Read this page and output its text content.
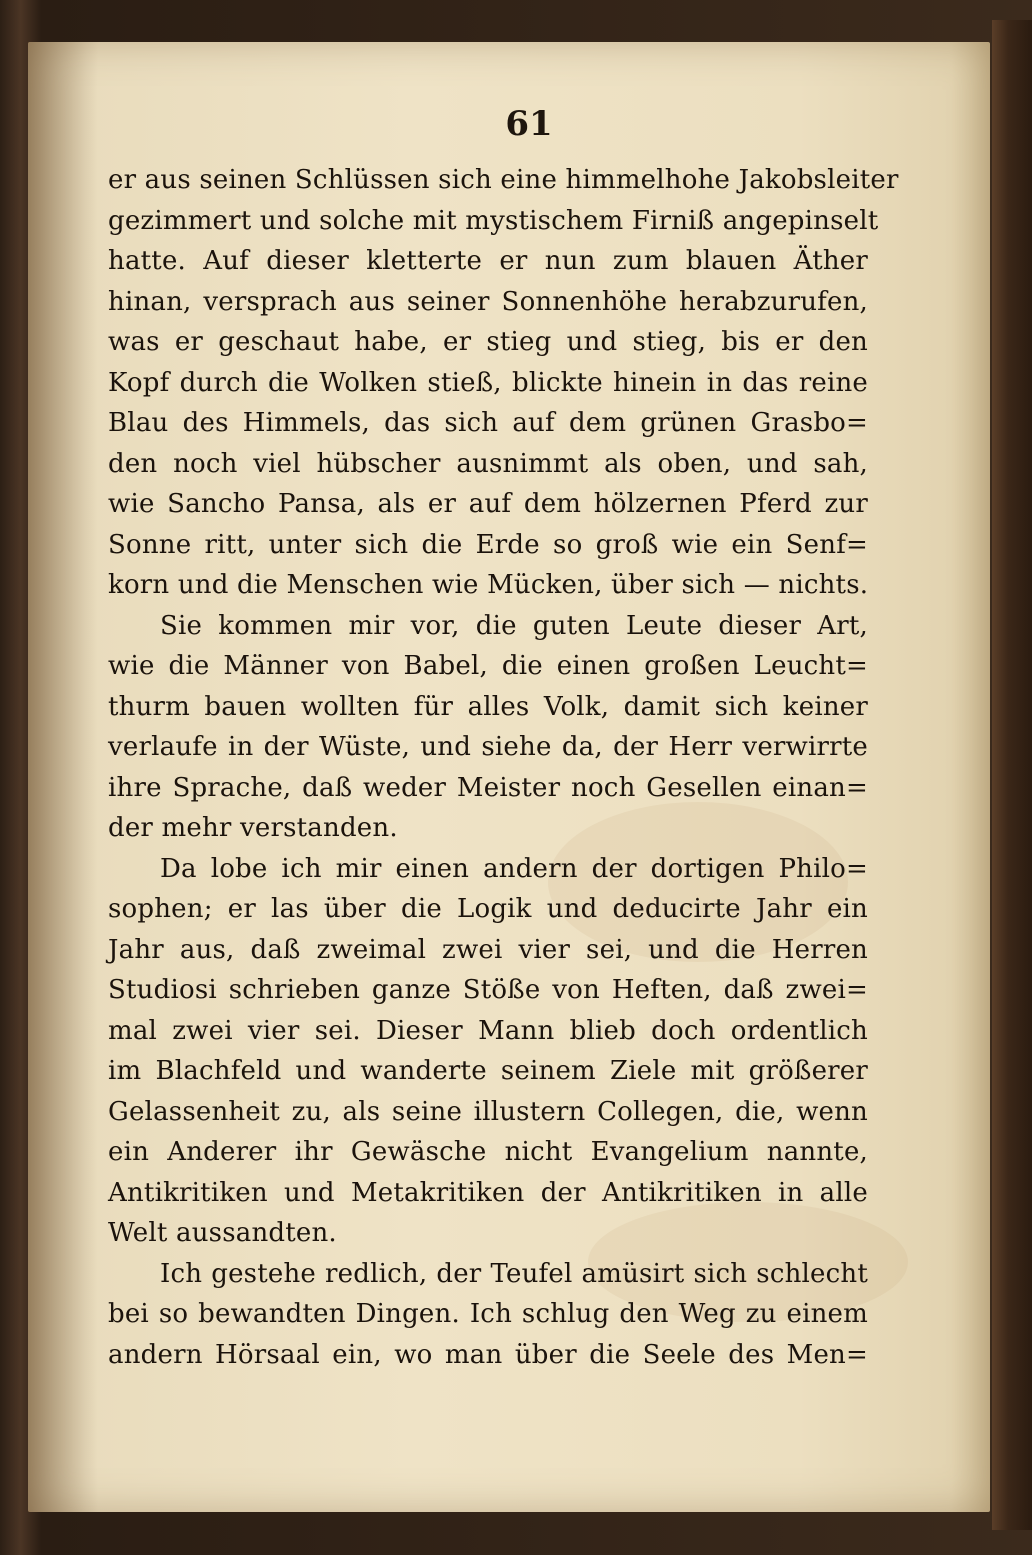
61
er aus seinen Schlüssen sich eine himmelhohe Jakobsleiter
gezimmert und solche mit mystischem Firniß angepinselt
hatte. Auf dieser kletterte er nun zum blauen Äther
hinan, versprach aus seiner Sonnenhöhe herabzurufen,
was er geschaut habe, er stieg und stieg, bis er den
Kopf durch die Wolken stieß, blickte hinein in das reine
Blau des Himmels, das sich auf dem grünen Grasbo=
den noch viel hübscher ausnimmt als oben, und sah,
wie Sancho Pansa, als er auf dem hölzernen Pferd zur
Sonne ritt, unter sich die Erde so groß wie ein Senf=
korn und die Menschen wie Mücken, über sich — nichts.
Sie kommen mir vor, die guten Leute dieser Art,
wie die Männer von Babel, die einen großen Leucht=
thurm bauen wollten für alles Volk, damit sich keiner
verlaufe in der Wüste, und siehe da, der Herr verwirrte
ihre Sprache, daß weder Meister noch Gesellen einan=
der mehr verstanden.
Da lobe ich mir einen andern der dortigen Philo=
sophen; er las über die Logik und deducirte Jahr ein
Jahr aus, daß zweimal zwei vier sei, und die Herren
Studiosi schrieben ganze Stöße von Heften, daß zwei=
mal zwei vier sei. Dieser Mann blieb doch ordentlich
im Blachfeld und wanderte seinem Ziele mit größerer
Gelassenheit zu, als seine illustern Collegen, die, wenn
ein Anderer ihr Gewäsche nicht Evangelium nannte,
Antikritiken und Metakritiken der Antikritiken in alle
Welt aussandten.
Ich gestehe redlich, der Teufel amüsirt sich schlecht
bei so bewandten Dingen. Ich schlug den Weg zu einem
andern Hörsaal ein, wo man über die Seele des Men=
